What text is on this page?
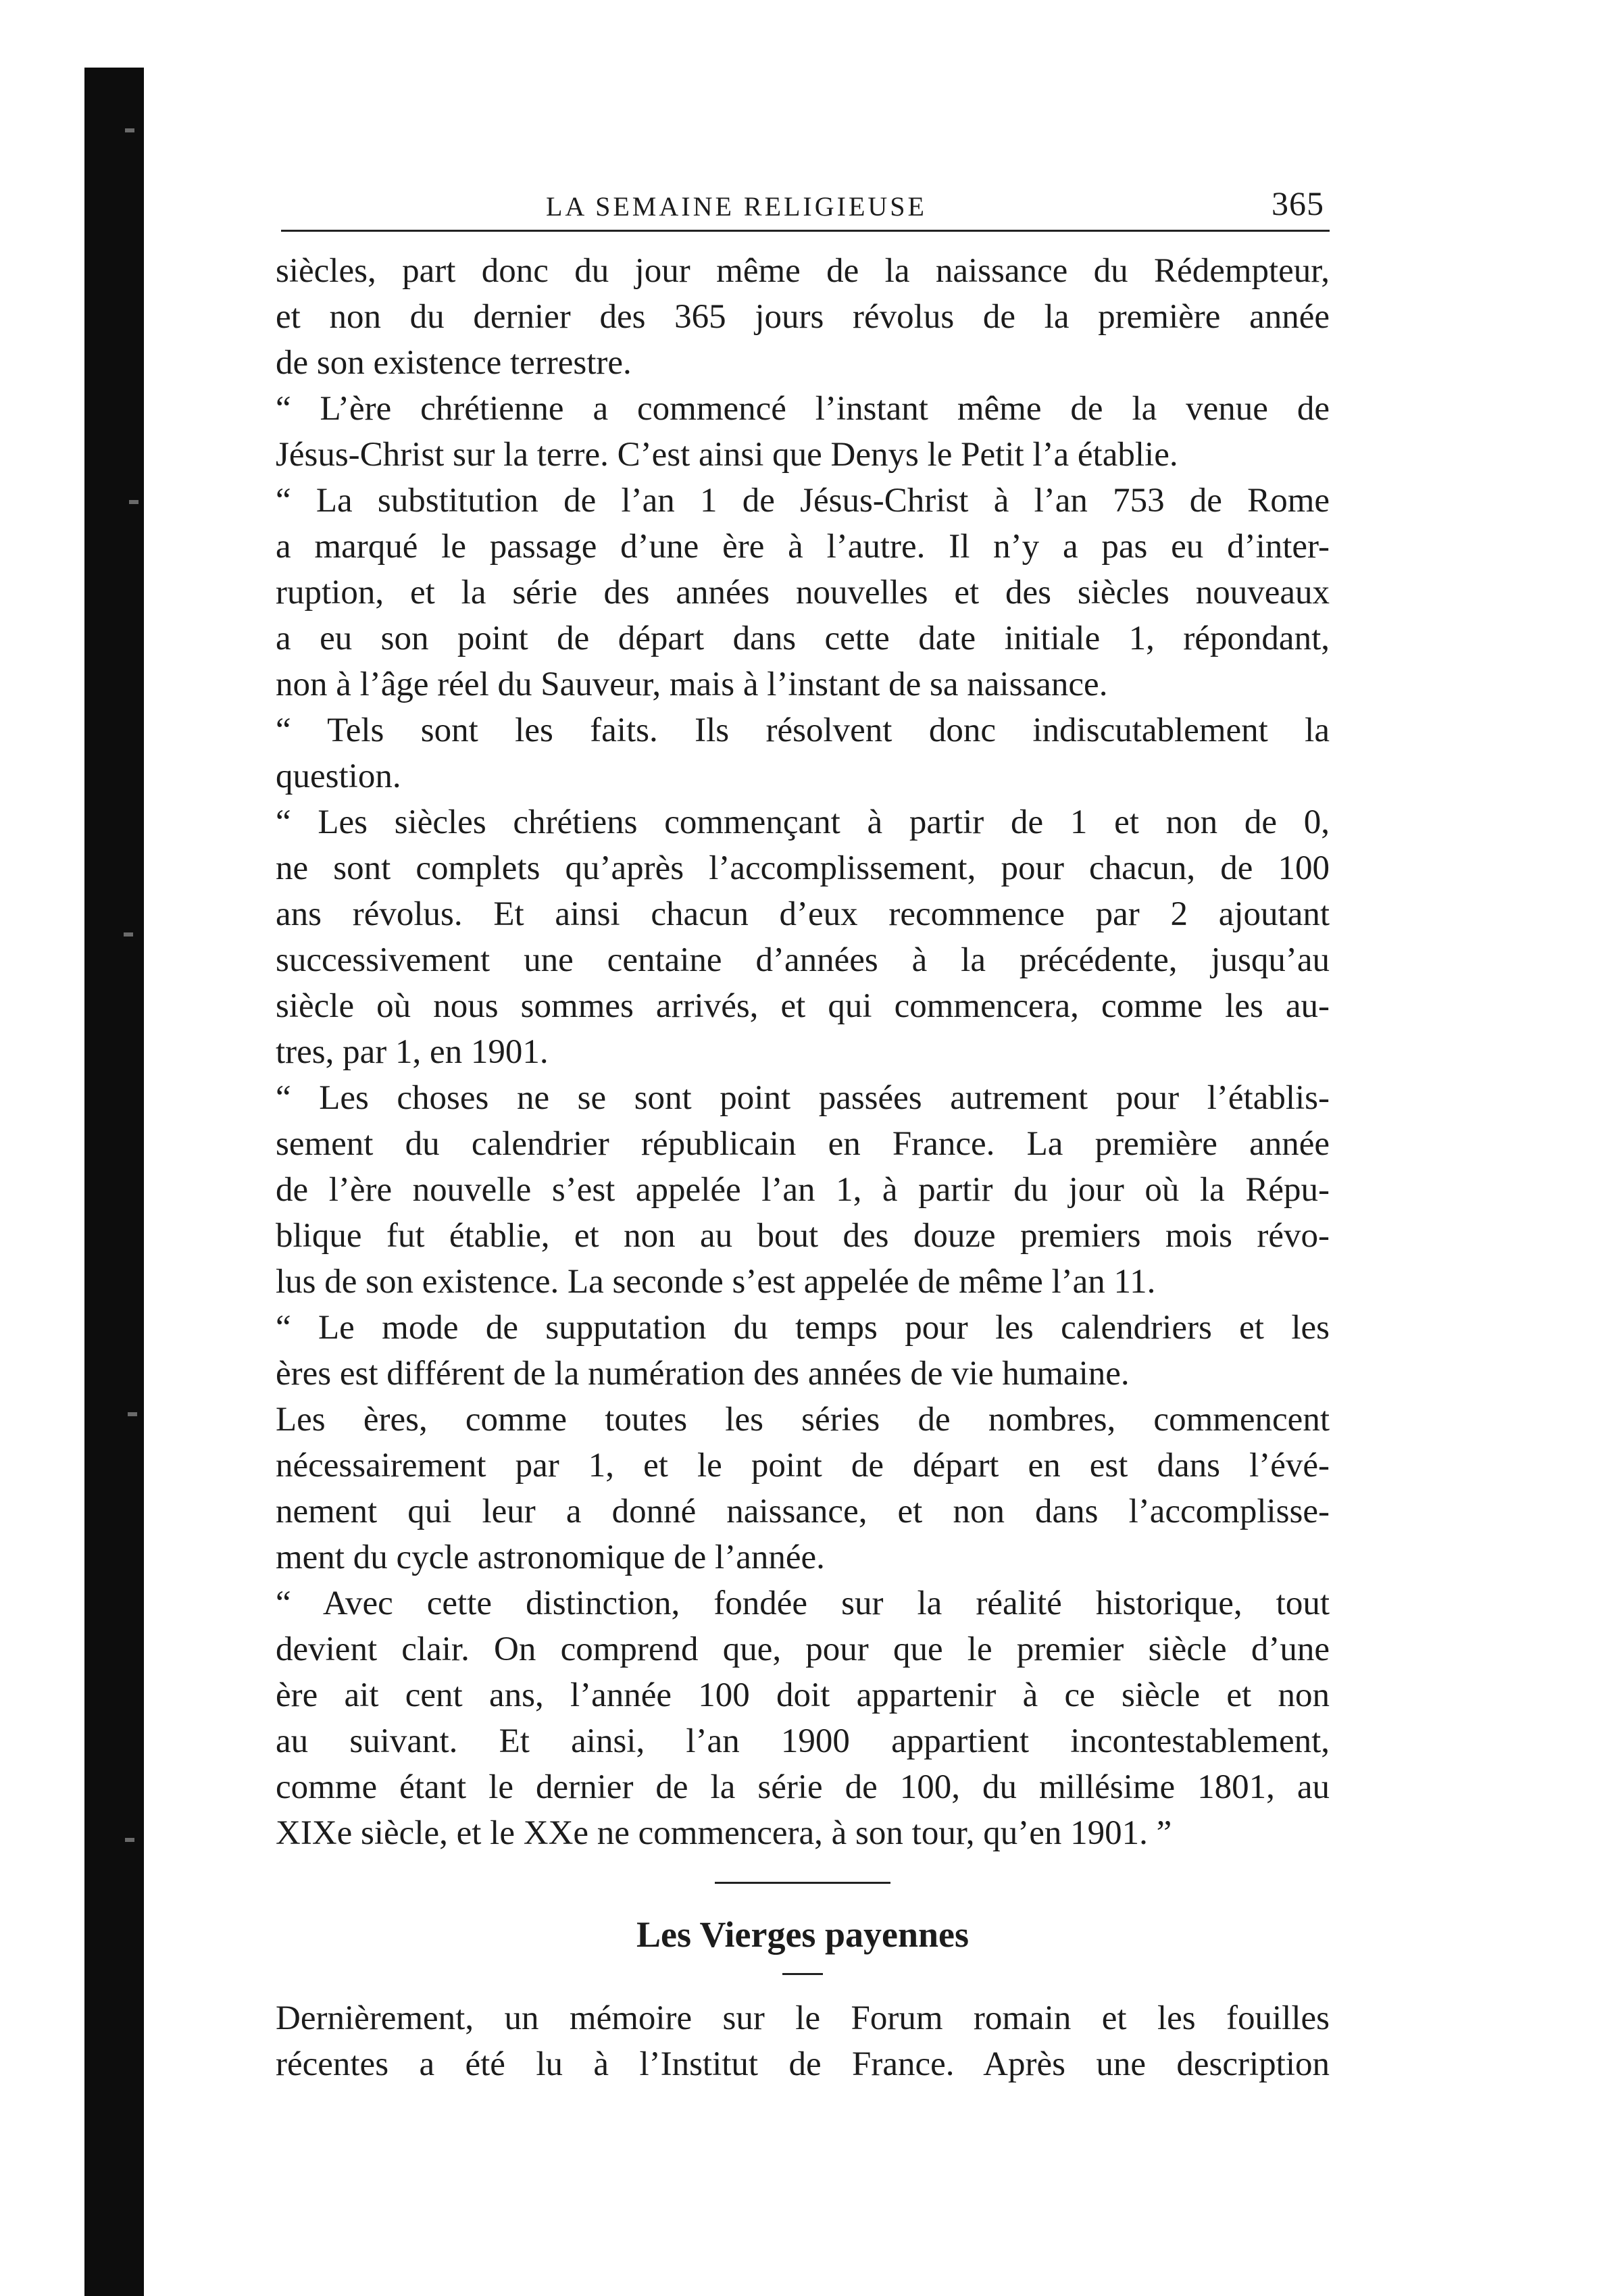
LA SEMAINE RELIGIEUSE	365
siècles, part donc du jour même de la naissance du Rédempteur,
et non du dernier des 365 jours révolus de la première année
de son existence terrestre.
“ L’ère chrétienne a commencé l’instant même de la venue de
Jésus-Christ sur la terre. C’est ainsi que Denys le Petit l’a établie.
“ La substitution de l’an 1 de Jésus-Christ à l’an 753 de Rome
a marqué le passage d’une ère à l’autre. Il n’y a pas eu d’inter-
ruption, et la série des années nouvelles et des siècles nouveaux
a eu son point de départ dans cette date initiale 1, répondant,
non à l’âge réel du Sauveur, mais à l’instant de sa naissance.
“ Tels sont les faits. Ils résolvent donc indiscutablement la
question.
“ Les siècles chrétiens commençant à partir de 1 et non de 0,
ne sont complets qu’après l’accomplissement, pour chacun, de 100
ans révolus. Et ainsi chacun d’eux recommence par 2 ajoutant
successivement une centaine d’années à la précédente, jusqu’au
siècle où nous sommes arrivés, et qui commencera, comme les au-
tres, par 1, en 1901.
“ Les choses ne se sont point passées autrement pour l’établis-
sement du calendrier républicain en France. La première année
de l’ère nouvelle s’est appelée l’an 1, à partir du jour où la Répu-
blique fut établie, et non au bout des douze premiers mois révo-
lus de son existence. La seconde s’est appelée de même l’an 11.
“ Le mode de supputation du temps pour les calendriers et les
ères est différent de la numération des années de vie humaine.
Les ères, comme toutes les séries de nombres, commencent
nécessairement par 1, et le point de départ en est dans l’évé-
nement qui leur a donné naissance, et non dans l’accomplisse-
ment du cycle astronomique de l’année.
“ Avec cette distinction, fondée sur la réalité historique, tout
devient clair. On comprend que, pour que le premier siècle d’une
ère ait cent ans, l’année 100 doit appartenir à ce siècle et non
au suivant. Et ainsi, l’an 1900 appartient incontestablement,
comme étant le dernier de la série de 100, du millésime 1801, au
XIXe siècle, et le XXe ne commencera, à son tour, qu’en 1901. ”
Les Vierges payennes
Dernièrement, un mémoire sur le Forum romain et les fouilles
récentes a été lu à l’Institut de France. Après une description
